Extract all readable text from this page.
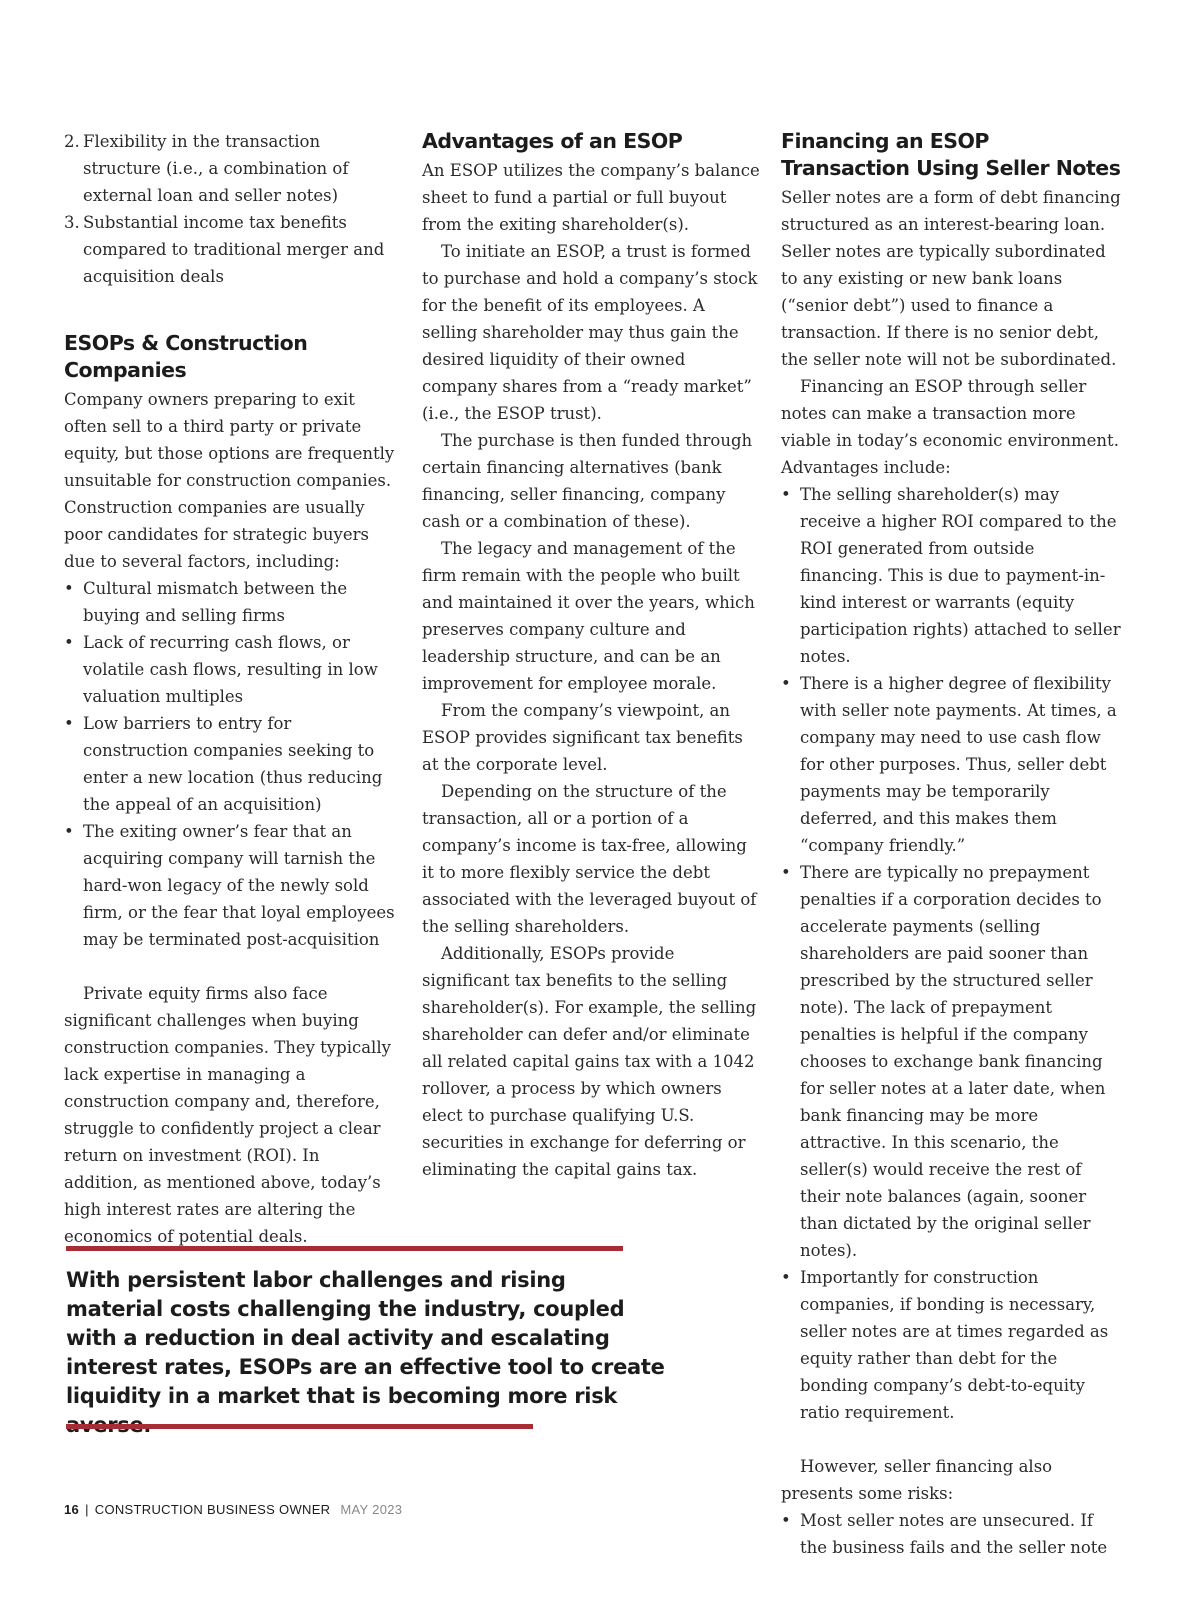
2. Flexibility in the transaction structure (i.e., a combination of external loan and seller notes)
3. Substantial income tax benefits compared to traditional merger and acquisition deals
ESOPs & Construction Companies

Company owners preparing to exit often sell to a third party or private equity, but those options are frequently unsuitable for construction companies. Construction companies are usually poor candidates for strategic buyers due to several factors, including:

• Cultural mismatch between the buying and selling firms
• Lack of recurring cash flows, or volatile cash flows, resulting in low valuation multiples
• Low barriers to entry for construction companies seeking to enter a new location (thus reducing the appeal of an acquisition)
• The exiting owner’s fear that an acquiring company will tarnish the hard-won legacy of the newly sold firm, or the fear that loyal employees may be terminated post-acquisition

Private equity firms also face significant challenges when buying construction companies. They typically lack expertise in managing a construction company and, therefore, struggle to confidently project a clear return on investment (ROI). In addition, as mentioned above, today’s high interest rates are altering the economics of potential deals.

Advantages of an ESOP

An ESOP utilizes the company’s balance sheet to fund a partial or full buyout from the exiting shareholder(s).

To initiate an ESOP, a trust is formed to purchase and hold a company’s stock for the benefit of its employees. A selling shareholder may thus gain the desired liquidity of their owned company shares from a “ready market” (i.e., the ESOP trust).

The purchase is then funded through certain financing alternatives (bank financing, seller financing, company cash or a combination of these).

The legacy and management of the firm remain with the people who built and maintained it over the years, which preserves company culture and leadership structure, and can be an improvement for employee morale.

From the company’s viewpoint, an ESOP provides significant tax benefits at the corporate level.

Depending on the structure of the transaction, all or a portion of a company’s income is tax-free, allowing it to more flexibly service the debt associated with the leveraged buyout of the selling shareholders.

Additionally, ESOPs provide significant tax benefits to the selling shareholder(s). For example, the selling shareholder can defer and/or eliminate all related capital gains tax with a 1042 rollover, a process by which owners elect to purchase qualifying U.S. securities in exchange for deferring or eliminating the capital gains tax.

Financing an ESOP Transaction Using Seller Notes

Seller notes are a form of debt financing structured as an interest-bearing loan. Seller notes are typically subordinated to any existing or new bank loans (“senior debt”) used to finance a transaction. If there is no senior debt, the seller note will not be subordinated.

Financing an ESOP through seller notes can make a transaction more viable in today’s economic environment. Advantages include:

• The selling shareholder(s) may receive a higher ROI compared to the ROI generated from outside financing. This is due to payment-in-kind interest or warrants (equity participation rights) attached to seller notes.
• There is a higher degree of flexibility with seller note payments. At times, a company may need to use cash flow for other purposes. Thus, seller debt payments may be temporarily deferred, and this makes them “company friendly.”
• There are typically no prepayment penalties if a corporation decides to accelerate payments (selling shareholders are paid sooner than prescribed by the structured seller note). The lack of prepayment penalties is helpful if the company chooses to exchange bank financing for seller notes at a later date, when bank financing may be more attractive. In this scenario, the seller(s) would receive the rest of their note balances (again, sooner than dictated by the original seller notes).
• Importantly for construction companies, if bonding is necessary, seller notes are at times regarded as equity rather than debt for the bonding company’s debt-to-equity ratio requirement.

However, seller financing also presents some risks:

• Most seller notes are unsecured. If the business fails and the seller note
With persistent labor challenges and rising material costs challenging the industry, coupled with a reduction in deal activity and escalating interest rates, ESOPs are an effective tool to create liquidity in a market that is becoming more risk
16 | CONSTRUCTION BUSINESS OWNER MAY 2023
